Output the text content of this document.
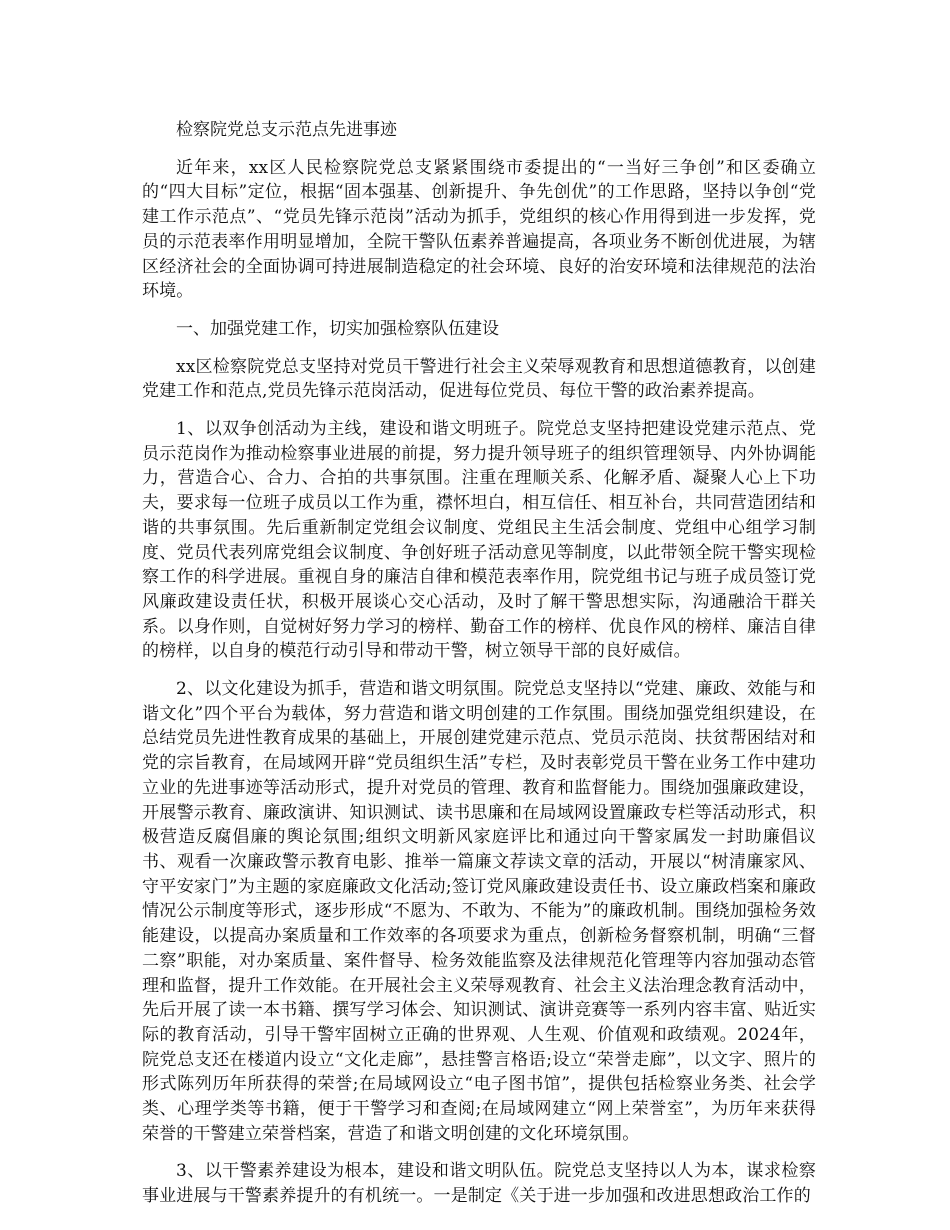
检察院党总支示范点先进事迹

近年来，xx区人民检察院党总支紧紧围绕市委提出的“一当好三争创”和区委确立的“四大目标”定位，根据“固本强基、创新提升、争先创优”的工作思路，坚持以争创“党建工作示范点”、“党员先锋示范岗”活动为抓手，党组织的核心作用得到进一步发挥，党员的示范表率作用明显增加，全院干警队伍素养普遍提高，各项业务不断创优进展，为辖区经济社会的全面协调可持进展制造稳定的社会环境、良好的治安环境和法律规范的法治环境。

一、加强党建工作，切实加强检察队伍建设

xx区检察院党总支坚持对党员干警进行社会主义荣辱观教育和思想道德教育，以创建党建工作和范点,党员先锋示范岗活动，促进每位党员、每位干警的政治素养提高。

1、以双争创活动为主线，建设和谐文明班子。院党总支坚持把建设党建示范点、党员示范岗作为推动检察事业进展的前提，努力提升领导班子的组织管理领导、内外协调能力，营造合心、合力、合拍的共事氛围。注重在理顺关系、化解矛盾、凝聚人心上下功夫，要求每一位班子成员以工作为重，襟怀坦白，相互信任、相互补台，共同营造团结和谐的共事氛围。先后重新制定党组会议制度、党组民主生活会制度、党组中心组学习制度、党员代表列席党组会议制度、争创好班子活动意见等制度，以此带领全院干警实现检察工作的科学进展。重视自身的廉洁自律和模范表率作用，院党组书记与班子成员签订党风廉政建设责任状，积极开展谈心交心活动，及时了解干警思想实际，沟通融洽干群关系。以身作则，自觉树好努力学习的榜样、勤奋工作的榜样、优良作风的榜样、廉洁自律的榜样，以自身的模范行动引导和带动干警，树立领导干部的良好威信。

2、以文化建设为抓手，营造和谐文明氛围。院党总支坚持以“党建、廉政、效能与和谐文化”四个平台为载体，努力营造和谐文明创建的工作氛围。围绕加强党组织建设，在总结党员先进性教育成果的基础上，开展创建党建示范点、党员示范岗、扶贫帮困结对和党的宗旨教育，在局域网开辟“党员组织生活”专栏，及时表彰党员干警在业务工作中建功立业的先进事迹等活动形式，提升对党员的管理、教育和监督能力。围绕加强廉政建设，开展警示教育、廉政演讲、知识测试、读书思廉和在局域网设置廉政专栏等活动形式，积极营造反腐倡廉的舆论氛围;组织文明新风家庭评比和通过向干警家属发一封助廉倡议书、观看一次廉政警示教育电影、推举一篇廉文荐读文章的活动，开展以“树清廉家风、守平安家门”为主题的家庭廉政文化活动;签订党风廉政建设责任书、设立廉政档案和廉政情况公示制度等形式，逐步形成“不愿为、不敢为、不能为”的廉政机制。围绕加强检务效能建设，以提高办案质量和工作效率的各项要求为重点，创新检务督察机制，明确“三督二察”职能，对办案质量、案件督导、检务效能监察及法律规范化管理等内容加强动态管理和监督，提升工作效能。在开展社会主义荣辱观教育、社会主义法治理念教育活动中，先后开展了读一本书籍、撰写学习体会、知识测试、演讲竞赛等一系列内容丰富、贴近实际的教育活动，引导干警牢固树立正确的世界观、人生观、价值观和政绩观。2024年，院党总支还在楼道内设立“文化走廊”，悬挂警言格语;设立“荣誉走廊”，以文字、照片的形式陈列历年所获得的荣誉;在局域网设立“电子图书馆”，提供包括检察业务类、社会学类、心理学类等书籍，便于干警学习和查阅;在局域网建立“网上荣誉室”，为历年来获得荣誉的干警建立荣誉档案，营造了和谐文明创建的文化环境氛围。

3、以干警素养建设为根本，建设和谐文明队伍。院党总支坚持以人为本，谋求检察事业进展与干警素养提升的有机统一。一是制定《关于进一步加强和改进思想政治工作的
